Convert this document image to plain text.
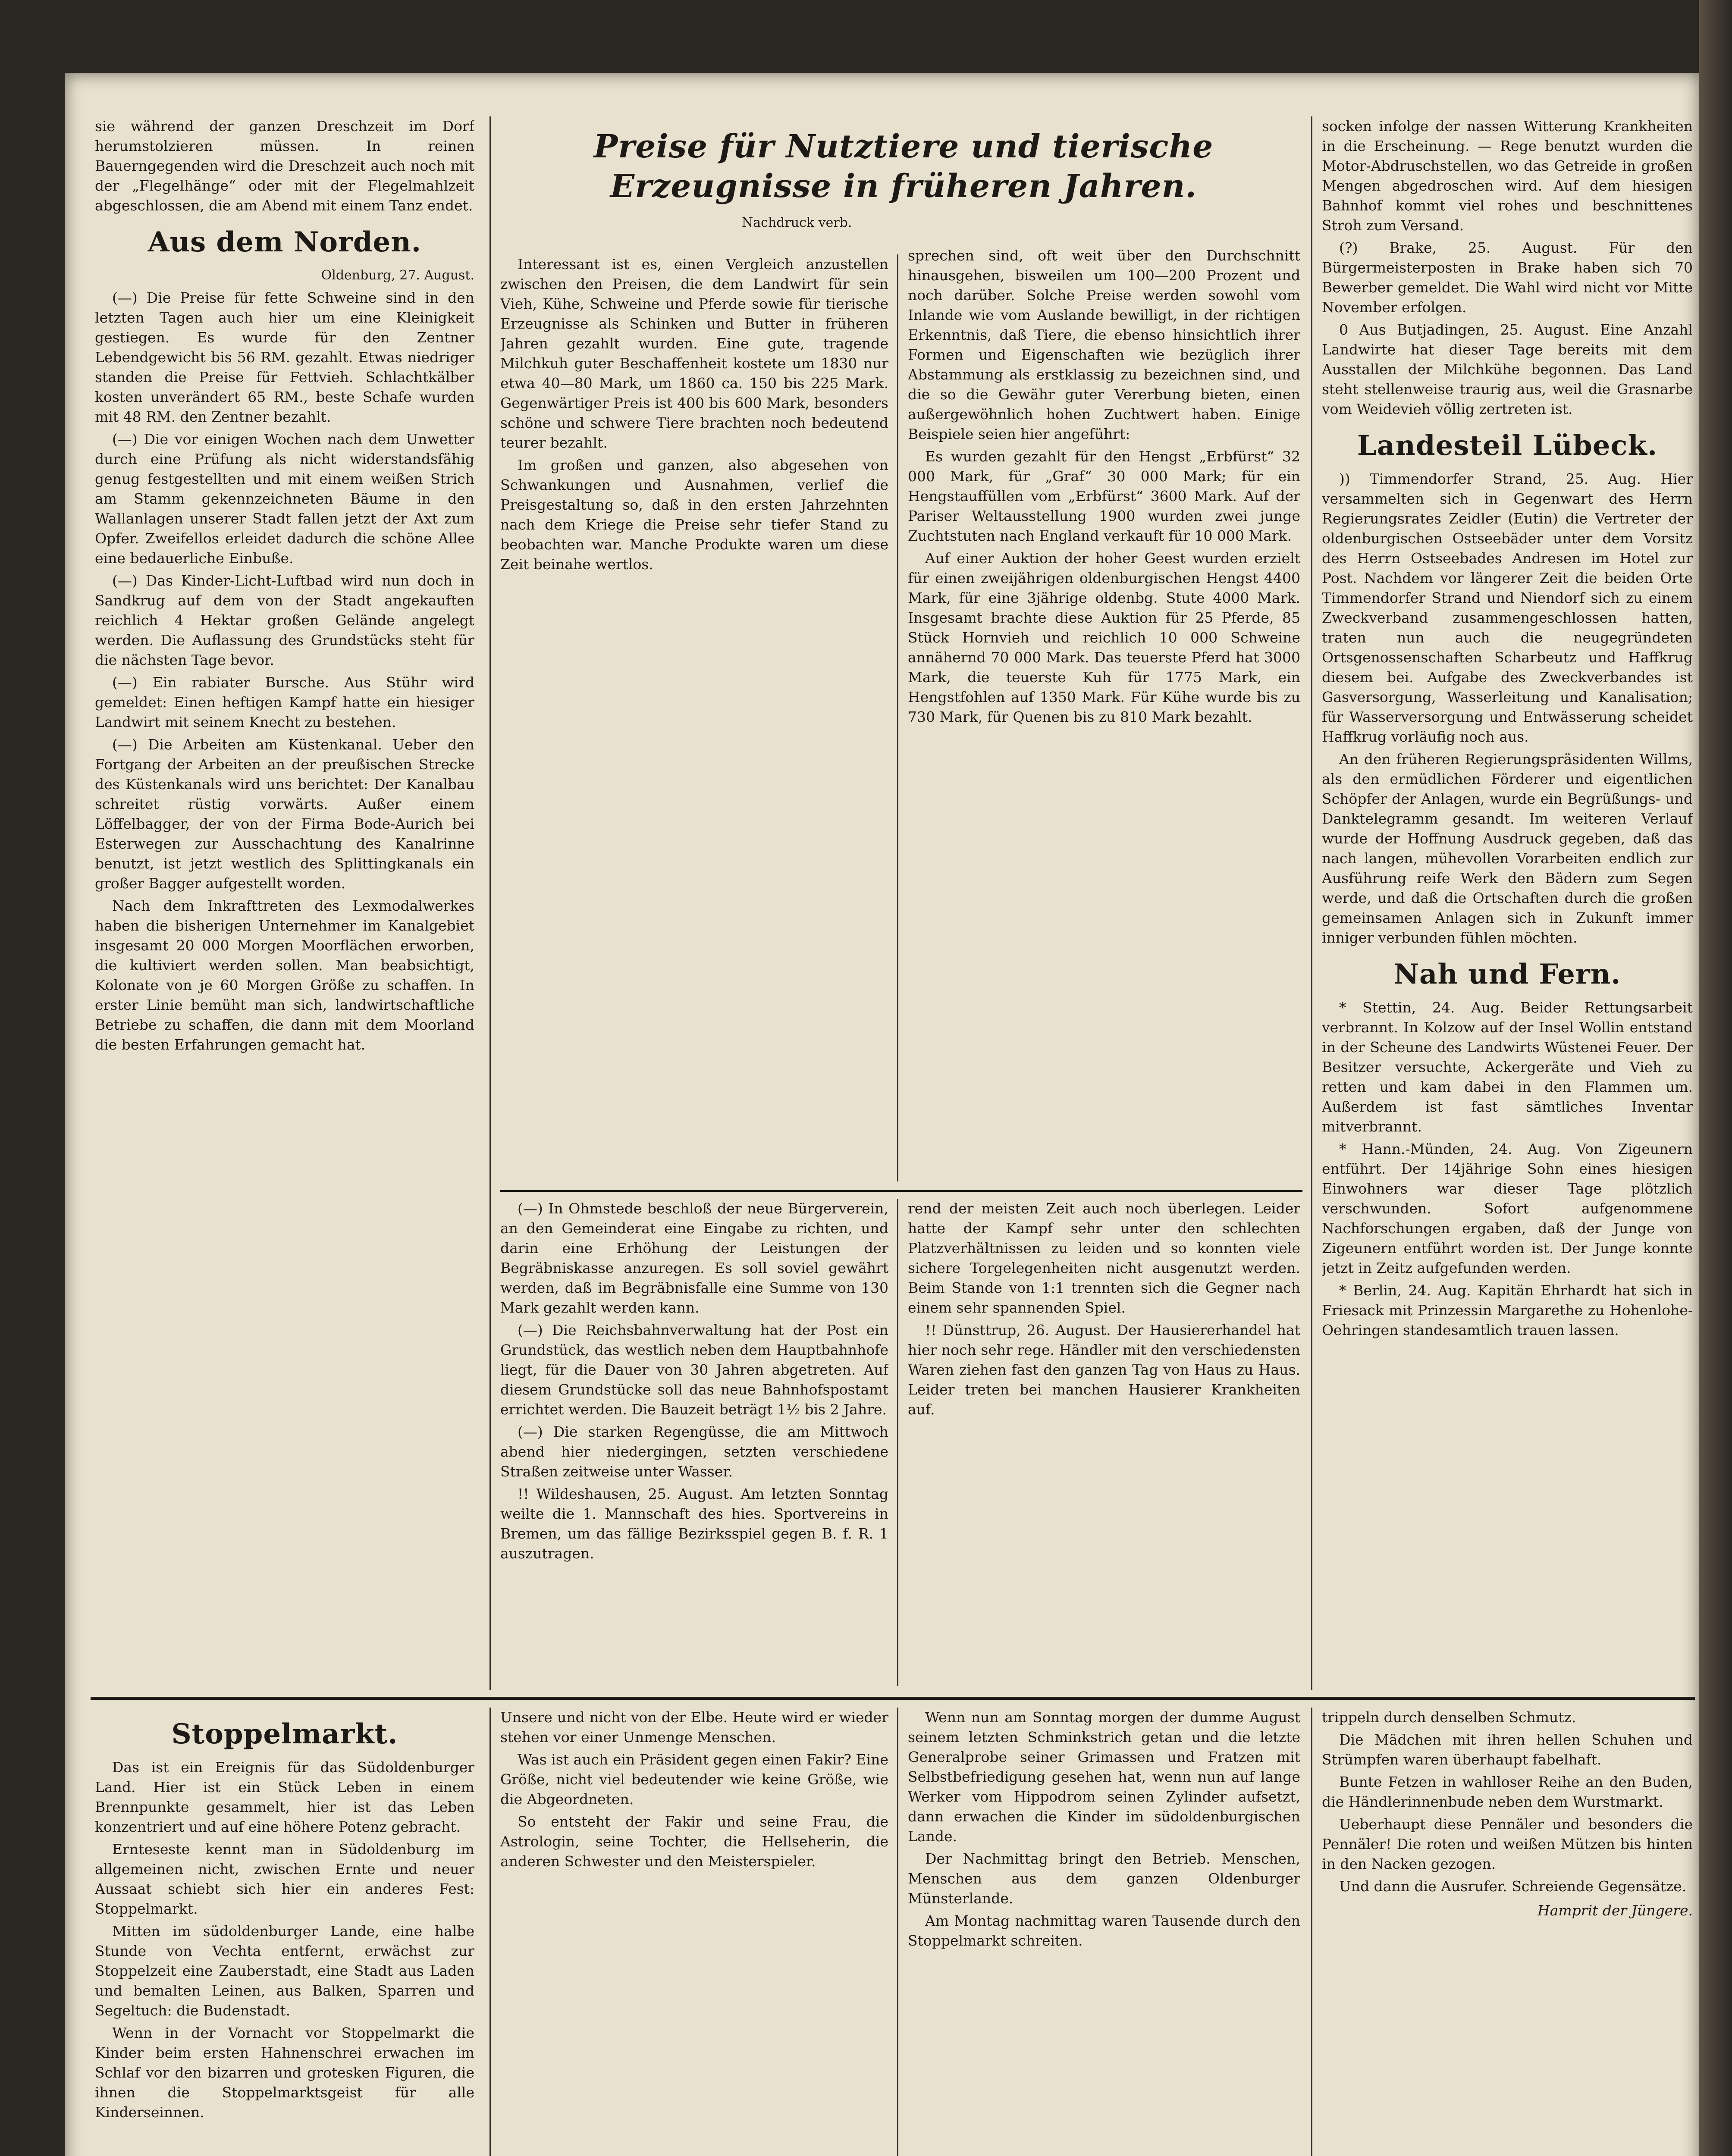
sie während der ganzen Dreschzeit im Dorf herumstolzieren müssen. In reinen Bauerngegenden wird die Dreschzeit auch noch mit der „Flegelhänge“ oder mit der Flegelmahlzeit abgeschlossen, die am Abend mit einem Tanz endet.

Aus dem Norden.
Oldenburg, 27. August.

(—) Die Preise für fette Schweine sind in den letzten Tagen auch hier um eine Kleinigkeit gestiegen. Es wurde für den Zentner Lebendgewicht bis 56 RM. gezahlt. Etwas niedriger standen die Preise für Fettvieh. Schlachtkälber kosten unverändert 65 RM., beste Schafe wurden mit 48 RM. den Zentner bezahlt.

(—) Die vor einigen Wochen nach dem Unwetter durch eine Prüfung als nicht widerstandsfähig genug festgestellten und mit einem weißen Strich am Stamm gekennzeichneten Bäume in den Wallanlagen unserer Stadt fallen jetzt der Axt zum Opfer. Zweifellos erleidet dadurch die schöne Allee eine bedauerliche Einbuße.

(—) Das Kinder-Licht-Luftbad wird nun doch in Sandkrug auf dem von der Stadt angekauften reichlich 4 Hektar großen Gelände angelegt werden. Die Auflassung des Grundstücks steht für die nächsten Tage bevor.

(—) Ein rabiater Bursche. Aus Stühr wird gemeldet: Einen heftigen Kampf hatte ein hiesiger Landwirt mit seinem Knecht zu bestehen.

(—) Die Arbeiten am Küstenkanal. Ueber den Fortgang der Arbeiten an der preußischen Strecke des Küstenkanals wird uns berichtet: Der Kanalbau schreitet rüstig vorwärts. Außer einem Löffelbagger, der von der Firma Bode-Aurich bei Esterwegen zur Ausschachtung des Kanalrinne benutzt, ist jetzt westlich des Splittingkanals ein großer Bagger aufgestellt worden.

Nach dem Inkrafttreten des Lexmodalwerkes haben die bisherigen Unternehmer im Kanalgebiet insgesamt 20 000 Morgen Moorflächen erworben, die kultiviert werden sollen. Man beabsichtigt, Kolonate von je 60 Morgen Größe zu schaffen. In erster Linie bemüht man sich, landwirtschaftliche Betriebe zu schaffen, die dann mit dem Moorland die besten Erfahrungen gemacht hat.

Preise für Nutztiere und tierische Erzeugnisse in früheren Jahren.
Nachdruck verb.

Interessant ist es, einen Vergleich anzustellen zwischen den Preisen, die dem Landwirt für sein Vieh, Kühe, Schweine und Pferde sowie für tierische Erzeugnisse als Schinken und Butter in früheren Jahren gezahlt wurden. Eine gute, tragende Milchkuh guter Beschaffenheit kostete um 1830 nur etwa 40—80 Mark, um 1860 ca. 150 bis 225 Mark. Gegenwärtiger Preis ist 400 bis 600 Mark, besonders schöne und schwere Tiere brachten noch bedeutend teurer bezahlt.

Im großen und ganzen, also abgesehen von Schwankungen und Ausnahmen, verlief die Preisgestaltung so, daß in den ersten Jahrzehnten nach dem Kriege die Preise sehr tiefer Stand zu beobachten war. Manche Produkte waren um diese Zeit beinahe wertlos.

sprechen sind, oft weit über den Durchschnitt hinausgehen, bisweilen um 100—200 Prozent und noch darüber. Solche Preise werden sowohl vom Inlande wie vom Auslande bewilligt, in der richtigen Erkenntnis, daß Tiere, die ebenso hinsichtlich ihrer Formen und Eigenschaften wie bezüglich ihrer Abstammung als erstklassig zu bezeichnen sind, und die so die Gewähr guter Vererbung bieten, einen außergewöhnlich hohen Zuchtwert haben. Einige Beispiele seien hier angeführt:

Es wurden gezahlt für den Hengst „Erbfürst“ 32 000 Mark, für „Graf“ 30 000 Mark; für ein Hengstauffüllen vom „Erbfürst“ 3600 Mark. Auf der Pariser Weltausstellung 1900 wurden zwei junge Zuchtstuten nach England verkauft für 10 000 Mark.

Auf einer Auktion der hoher Geest wurden erzielt für einen zweijährigen oldenburgischen Hengst 4400 Mark, für eine 3jährige oldenbg. Stute 4000 Mark. Insgesamt brachte diese Auktion für 25 Pferde, 85 Stück Hornvieh und reichlich 10 000 Schweine annähernd 70 000 Mark. Das teuerste Pferd hat 3000 Mark, die teuerste Kuh für 1775 Mark, ein Hengstfohlen auf 1350 Mark. Für Kühe wurde bis zu 730 Mark, für Quenen bis zu 810 Mark bezahlt.

(—) In Ohmstede beschloß der neue Bürgerverein, an den Gemeinderat eine Eingabe zu richten, und darin eine Erhöhung der Leistungen der Begräbniskasse anzuregen. Es soll soviel gewährt werden, daß im Begräbnisfalle eine Summe von 130 Mark gezahlt werden kann.

(—) Die Reichsbahnverwaltung hat der Post ein Grundstück, das westlich neben dem Hauptbahnhofe liegt, für die Dauer von 30 Jahren abgetreten. Auf diesem Grundstücke soll das neue Bahnhofspostamt errichtet werden. Die Bauzeit beträgt 1½ bis 2 Jahre.

(—) Die starken Regengüsse, die am Mittwoch abend hier niedergingen, setzten verschiedene Straßen zeitweise unter Wasser.

!! Wildeshausen, 25. August. Am letzten Sonntag weilte die 1. Mannschaft des hies. Sportvereins in Bremen, um das fällige Bezirksspiel gegen B. f. R. 1 auszutragen.

rend der meisten Zeit auch noch überlegen. Leider hatte der Kampf sehr unter den schlechten Platzverhältnissen zu leiden und so konnten viele sichere Torgelegenheiten nicht ausgenutzt werden. Beim Stande von 1:1 trennten sich die Gegner nach einem sehr spannenden Spiel.

!! Dünsttrup, 26. August. Der Hausiererhandel hat hier noch sehr rege. Händler mit den verschiedensten Waren ziehen fast den ganzen Tag von Haus zu Haus. Leider treten bei manchen Hausierer Krankheiten auf.

socken infolge der nassen Witterung Krankheiten in die Erscheinung. — Rege benutzt wurden die Motor-Abdruschstellen, wo das Getreide in großen Mengen abgedroschen wird. Auf dem hiesigen Bahnhof kommt viel rohes und beschnittenes Stroh zum Versand.

(?) Brake, 25. August. Für den Bürgermeisterposten in Brake haben sich 70 Bewerber gemeldet. Die Wahl wird nicht vor Mitte November erfolgen.

0 Aus Butjadingen, 25. August. Eine Anzahl Landwirte hat dieser Tage bereits mit dem Ausstallen der Milchkühe begonnen. Das Land steht stellenweise traurig aus, weil die Grasnarbe vom Weidevieh völlig zertreten ist.

Landesteil Lübeck.

)) Timmendorfer Strand, 25. Aug. Hier versammelten sich in Gegenwart des Herrn Regierungsrates Zeidler (Eutin) die Vertreter der oldenburgischen Ostseebäder unter dem Vorsitz des Herrn Ostseebades Andresen im Hotel zur Post. Nachdem vor längerer Zeit die beiden Orte Timmendorfer Strand und Niendorf sich zu einem Zweckverband zusammengeschlossen hatten, traten nun auch die neugegründeten Ortsgenossenschaften Scharbeutz und Haffkrug diesem bei. Aufgabe des Zweckverbandes ist Gasversorgung, Wasserleitung und Kanalisation; für Wasserversorgung und Entwässerung scheidet Haffkrug vorläufig noch aus.

An den früheren Regierungspräsidenten Willms, als den ermüdlichen Förderer und eigentlichen Schöpfer der Anlagen, wurde ein Begrüßungs- und Danktelegramm gesandt. Im weiteren Verlauf wurde der Hoffnung Ausdruck gegeben, daß das nach langen, mühevollen Vorarbeiten endlich zur Ausführung reife Werk den Bädern zum Segen werde, und daß die Ortschaften durch die großen gemeinsamen Anlagen sich in Zukunft immer inniger verbunden fühlen möchten.

Nah und Fern.

* Stettin, 24. Aug. Beider Rettungsarbeit verbrannt. In Kolzow auf der Insel Wollin entstand in der Scheune des Landwirts Wüstenei Feuer. Der Besitzer versuchte, Ackergeräte und Vieh zu retten und kam dabei in den Flammen um. Außerdem ist fast sämtliches Inventar mitverbrannt.

* Hann.-Münden, 24. Aug. Von Zigeunern entführt. Der 14jährige Sohn eines hiesigen Einwohners war dieser Tage plötzlich verschwunden. Sofort aufgenommene Nachforschungen ergaben, daß der Junge von Zigeunern entführt worden ist. Der Junge konnte jetzt in Zeitz aufgefunden werden.

* Berlin, 24. Aug. Kapitän Ehrhardt hat sich in Friesack mit Prinzessin Margarethe zu Hohenlohe-Oehringen standesamtlich trauen lassen.

Stoppelmarkt.

Das ist ein Ereignis für das Südoldenburger Land. Hier ist ein Stück Leben in einem Brennpunkte gesammelt, hier ist das Leben konzentriert und auf eine höhere Potenz gebracht.

Ernteseste kennt man in Südoldenburg im allgemeinen nicht, zwischen Ernte und neuer Aussaat schiebt sich hier ein anderes Fest: Stoppelmarkt.

Mitten im südoldenburger Lande, eine halbe Stunde von Vechta entfernt, erwächst zur Stoppelzeit eine Zauberstadt, eine Stadt aus Laden und bemalten Leinen, aus Balken, Sparren und Segeltuch: die Budenstadt.

Wenn in der Vornacht vor Stoppelmarkt die Kinder beim ersten Hahnenschrei erwachen im Schlaf vor den bizarren und grotesken Figuren, die ihnen die Stoppelmarktsgeist für alle Kinderseinnen.

Unsere und nicht von der Elbe. Heute wird er wieder stehen vor einer Unmenge Menschen.

Was ist auch ein Präsident gegen einen Fakir? Eine Größe, nicht viel bedeutender wie keine Größe, wie die Abgeordneten.

So entsteht der Fakir und seine Frau, die Astrologin, seine Tochter, die Hellseherin, die anderen Schwester und den Meisterspieler.

Wenn nun am Sonntag morgen der dumme August seinem letzten Schminkstrich getan und die letzte Generalprobe seiner Grimassen und Fratzen mit Selbstbefriedigung gesehen hat, wenn nun auf lange Werker vom Hippodrom seinen Zylinder aufsetzt, dann erwachen die Kinder im südoldenburgischen Lande.

Der Nachmittag bringt den Betrieb. Menschen, Menschen aus dem ganzen Oldenburger Münsterlande.

Am Montag nachmittag waren Tausende durch den Stoppelmarkt schreiten.

trippeln durch denselben Schmutz.

Die Mädchen mit ihren hellen Schuhen und Strümpfen waren überhaupt fabelhaft.

Bunte Fetzen in wahlloser Reihe an den Buden, die Händlerinnenbude neben dem Wurstmarkt.

Ueberhaupt diese Pennäler und besonders die Pennäler! Die roten und weißen Mützen bis hinten in den Nacken gezogen.

Und dann die Ausrufer. Schreiende Gegensätze.

Hamprit der Jüngere.
